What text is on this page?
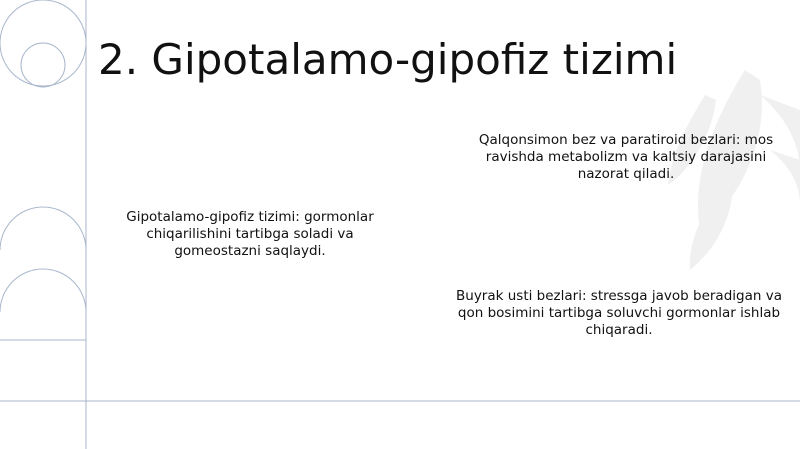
2. Gipotalamo-gipofiz tizimi
Gipotalamo-gipofiz tizimi: gormonlar chiqarilishini tartibga soladi va gomeostazni saqlaydi.
Qalqonsimon bez va paratiroid bezlari: mos ravishda metabolizm va kaltsiy darajasini nazorat qiladi.
Buyrak usti bezlari: stressga javob beradigan va qon bosimini tartibga soluvchi gormonlar ishlab chiqaradi.
